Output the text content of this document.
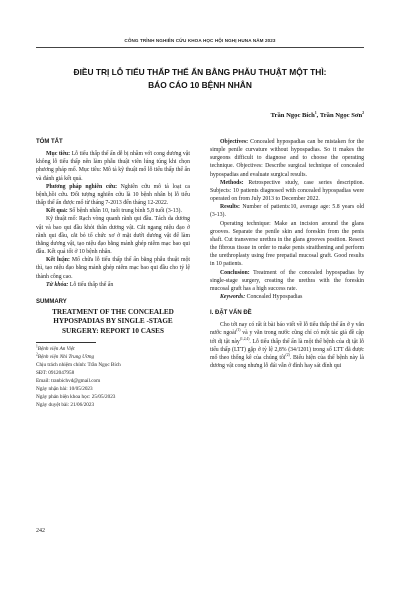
CÔNG TRÌNH NGHIÊN CỨU KHOA HỌC HỘI NGHỊ HUNA NĂM 2023
ĐIỀU TRỊ LỖ TIỂU THẤP THỂ ẨN BẰNG PHẪU THUẬT MỘT THÌ:
BÁO CÁO 10 BỆNH NHÂN
Trần Ngọc Bích$^1$, Trần Ngọc Sơn$^2$
TÓM TẮT

Mục tiêu: Lỗ tiểu thấp thể ẩn dễ bị nhầm với cong dương vật không lỗ tiểu thấp nên làm phẫu thuật viên lúng túng khi chọn phương pháp mổ. Mục tiêu: Mô tả kỹ thuật mổ lỗ tiểu thấp thể ẩn và đánh giá kết quả.

Phương pháp nghiên cứu: Nghiên cứu mô tả loạt ca bệnh,hồi cứu. Đối tượng nghiên cứu là 10 bệnh nhân bị lỗ tiểu thấp thể ẩn được mổ từ tháng 7-2013 đến tháng 12-2022.

Kết quả: Số bệnh nhân 10, tuổi trung bình 5,8 tuổi (3-13).

Kỹ thuật mổ: Rạch vòng quanh rãnh qui đầu. Tách da dương vật và bao qui đầu khỏi thân dương vật. Cắt ngang niệu đạo ở rãnh qui đầu, cắt bỏ tổ chức xơ ở mặt dưới dương vật để làm thẳng dương vật, tạo niệu đạo bằng mảnh ghép niêm mạc bao qui đầu. Kết quả tốt ở 10 bệnh nhân.

Kết luận: Mổ chữa lỗ tiểu thấp thể ẩn bằng phẫu thuật một thì, tạo niệu đạo bằng mảnh ghép niêm mạc bao qui đầu cho tỷ lệ thành công cao.

Từ khóa: Lỗ tiểu thấp thể ẩn

SUMMARY
TREATMENT OF THE CONCEALED HYPOSPADIAS BY SINGLE -STAGE SURGERY: REPORT 10 CASES
$^1$Bệnh viện An Việt
$^2$Bệnh viện Nhi Trung Ương
Chịu trách nhiệm chính: Trần Ngọc Bích
SĐT: 0912047958
Email: tranbichvd@gmail.com
Ngày nhận bài: 10/05/2023
Ngày phản biện khoa học: 25/05/2023
Ngày duyệt bài: 21/06/2023

Objectives: Concealed hypospadias can be mistaken for the simple penile curvature without hypospadias. So it makes the surgeons difficult to diagnose and to choose the operating technique. Objectives: Describe surgical technique of concealed hypospadias and evaluate surgical results.

Methods: Retrospective study, case series description. Subjects: 10 patients diagnosed with concealed hypospadias were operated on from July 2013 to December 2022.

Results: Number of patients:10, average age: 5.8 years old (3-13).

Operating technique: Make an incision around the glans grooves. Separate the penile skin and foreskin from the penis shaft. Cut transverse urethra in the glans grooves position. Resect the fibrous tissue in order to make penis straithening and perform the urethroplasty using free prepatial mucosal graft. Good results in 10 patients.

Conclusion: Treatment of the concealed hypospadias by single-stage surgery, creating the urethra with the foreskin mucosal graft has a high success rate.

Keywords: Concealed Hypospadias

I. ĐẶT VẤN ĐỀ

Cho tới nay có rất ít bài báo viết về lỗ tiểu thấp thể ẩn ở y văn nước ngoài$^{(1)}$ và y văn trong nước cũng chỉ có một tác giả đề cập tới dị tật này$^{(1,2,4)}$. Lỗ tiểu thấp thể ẩn là một thể bệnh của dị tật lỗ tiểu thấp (LTT) gặp ở tỷ lệ 2,8% (34/1201) trong số LTT đã được mổ theo thống kê của chúng tôi$^{(2)}$. Biểu hiện của thể bệnh này là dương vật cong nhưng lỗ đái vẫn ở đỉnh hay sát đỉnh qui

242
